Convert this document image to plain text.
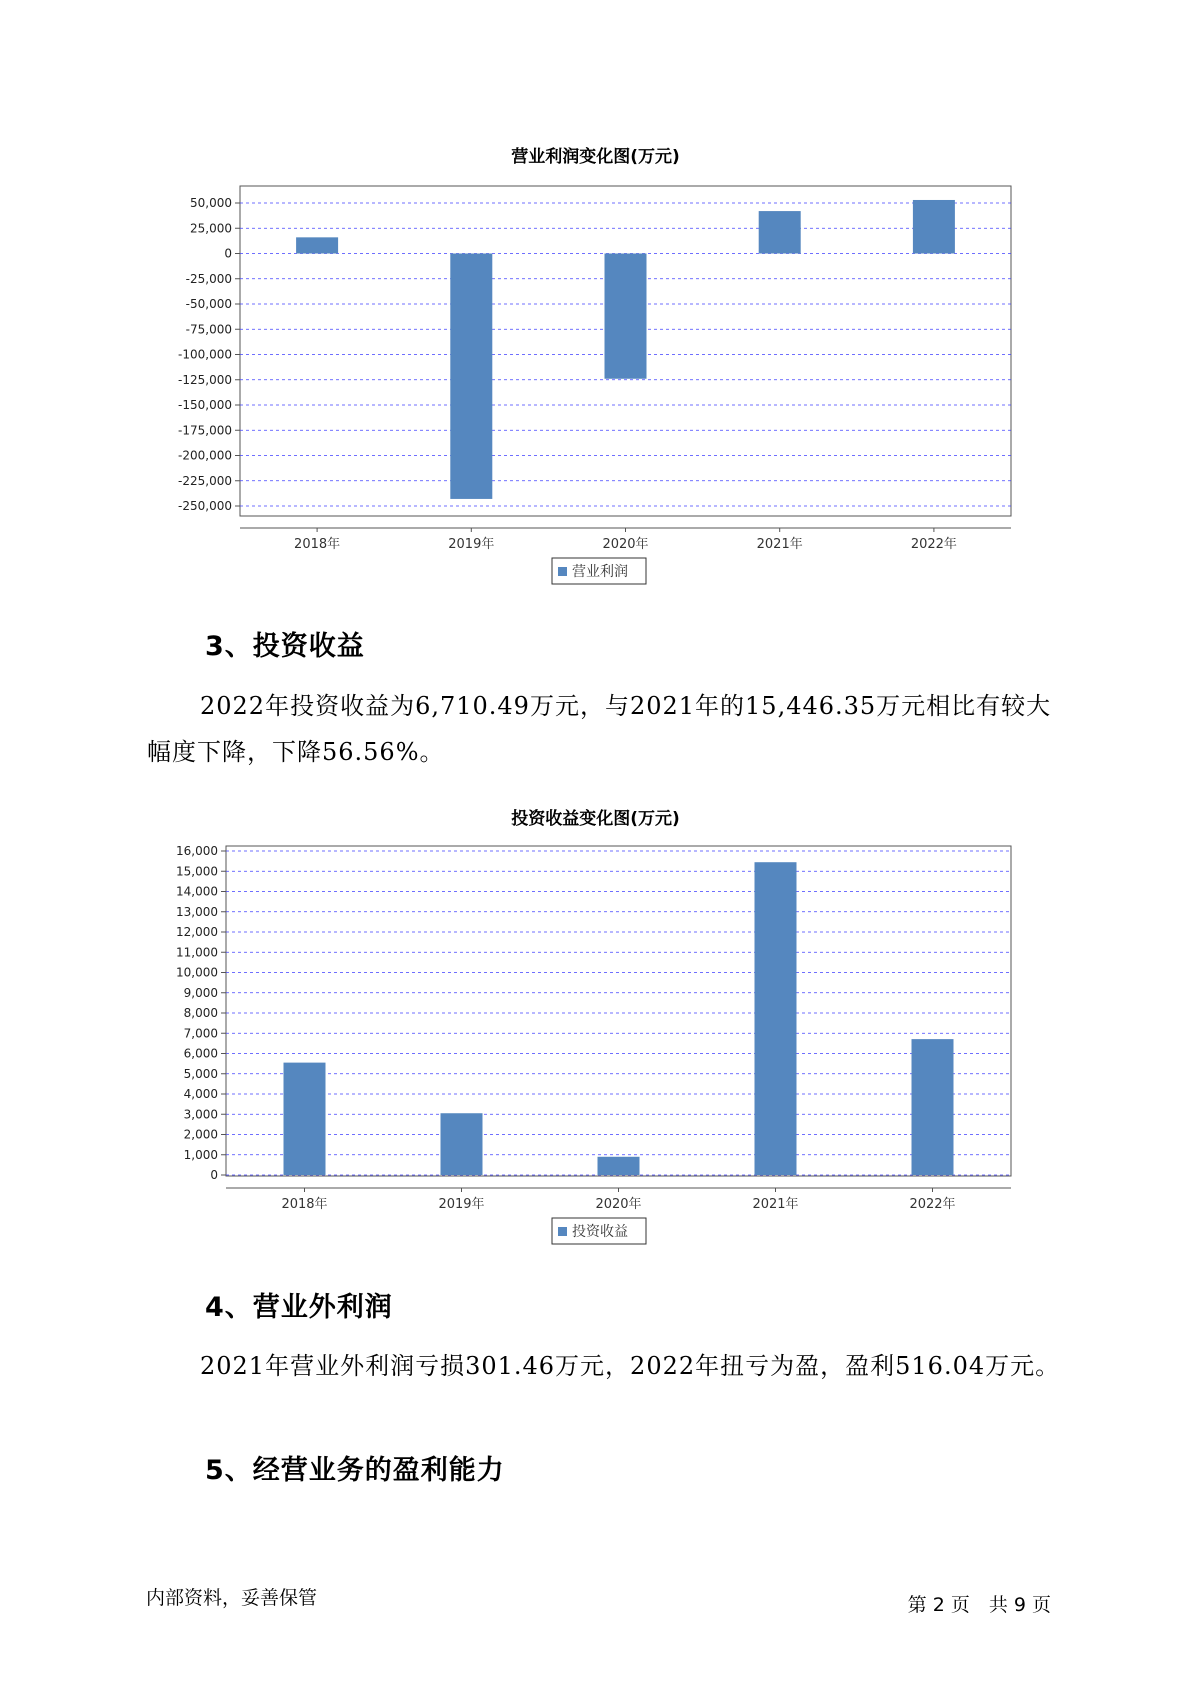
营业利润变化图(万元)
50,000
25,000
0
-25,000
-50,000
-75,000
-100,000
-125,000
-150,000
-175,000
-200,000
-225,000
-250,000
2018年	2019年	2020年	2021年	2022年
营业利润
3、投资收益

2022年投资收益为6,710.49万元，与2021年的15,446.35万元相比有较大幅度下降，下降56.56%。

投资收益变化图(万元)
16,000
15,000
14,000
13,000
12,000
11,000
10,000
9,000
8,000
7,000
6,000
5,000
4,000
3,000
2,000
1,000
0
2018年	2019年	2020年	2021年	2022年
投资收益
4、营业外利润

2021年营业外利润亏损301.46万元，2022年扭亏为盈，盈利516.04万元。

5、经营业务的盈利能力
内部资料，妥善保管	第 2 页　共 9 页
